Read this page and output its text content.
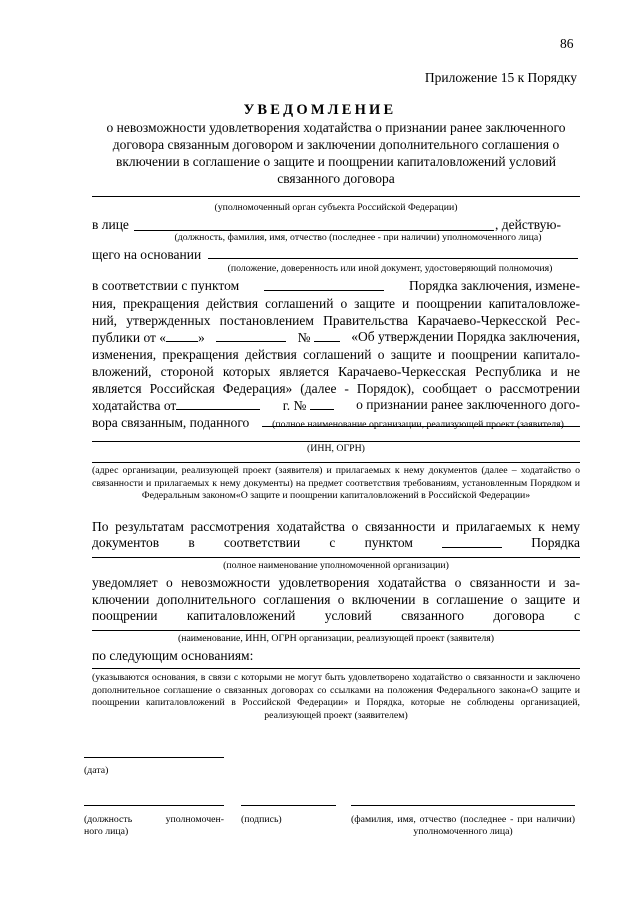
86
Приложение 15 к Порядку
УВЕДОМЛЕНИЕ
о невозможности удовлетворения ходатайства о признании ранее заключенного договора связанным договором и заключении дополнительного соглашения о включении в соглашение о защите и поощрении капиталовложений условий связанного договора
(уполномоченный орган субъекта Российской Федерации)
в лице	, действую-
(должность, фамилия, имя, отчество (последнее - при наличии) уполномоченного лица)
щего на основании
(положение, доверенность или иной документ, удостоверяющий полномочия)
в соответствии с пунктом	Порядка заключения, измене-
ния, прекращения действия соглашений о защите и поощрении капиталовложе-
ний, утвержденных постановлением Правительства Карачаево-Черкесской Рес-
публики от « »	№	«Об утверждении Порядка заключения,
изменения, прекращения действия соглашений о защите и поощрении капитало-
вложений, стороной которых является Карачаево-Черкесская Республика и не
является Российская Федерация» (далее - Порядок), сообщает о рассмотрении
ходатайства от	г. №	о признании ранее заключенного дого-
вора связанным, поданного	(полное наименование организации, реализующей проект (заявителя)
(ИНН, ОГРН)
(адрес организации, реализующей проект (заявителя) и прилагаемых к нему документов (далее – ходатайство о связанности и прилагаемых к нему документы) на предмет соответствия требованиям, установленным Порядком и Федеральным законом«О защите и поощрении капиталовложений в Российской Федерации»
По результатам рассмотрения ходатайства о связанности и прилагаемых к нему
документов в соответствии с пунктом	Порядка
(полное наименование уполномоченной организации)
уведомляет о невозможности удовлетворения ходатайства о связанности и за-
ключении дополнительного соглашения о включении в соглашение о защите и
поощрении капиталовложений условий связанного договора с
(наименование, ИНН, ОГРН организации, реализующей проект (заявителя)
по следующим основаниям:
(указываются основания, в связи с которыми не могут быть удовлетворено ходатайство о связанности и заключено дополнительное соглашение о связанных договорах со ссылками на положения Федерального закона«О защите и поощрении капиталовложений в Российской Федерации» и Порядка, которые не соблюдены организацией, реализующей проект (заявителем)
(дата)
(должность	уполномочен-
ного лица)
(подпись)	(фамилия, имя, отчество (последнее - при наличии) уполномоченного лица)
